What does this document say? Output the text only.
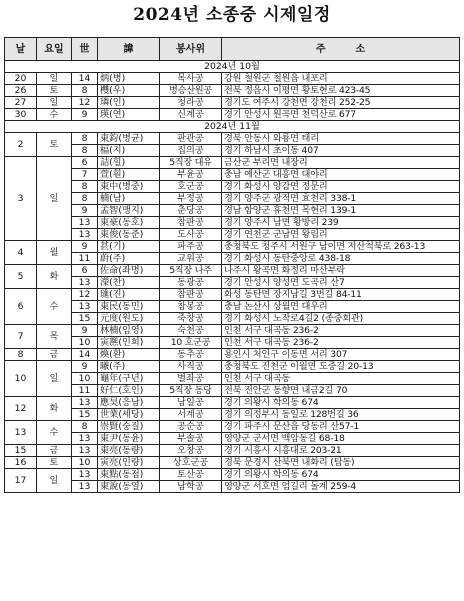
2024년 소종중 시제일정
날	요일	世	諱	봉사위	주　　　소
2024년 10월					
20	일	14	炳(병)	목사공	강원 철원군 철원읍 내포리
26	토	8	欆(우)	병승산원공	전북 정읍시 이평면 황토현로 423-45
27	일	12	璘(인)	청라공	경기도 여주시 강천면 강천리 252-25
30	수	9	瑛(연)	신계공	경기 안성시 원곡면 천덕산로 677
2024년 11월					
2	토	8	東鈞(병균)	판관공	경북 안동시 와룡면 태리
		8	楅(지)	집의공	경기 하남시 초이동 407
3	일	6	詰(힐)	5직장 대유	금산군 부리면 내장리
		7	萱(훤)	부윤공	충남 예산군 대흥면 대야리
		8	東中(병중)	호군공	경기 화성시 양감면 정문리
		8	楠(남)	부정공	경기 양주군 광적면 효천리 338-1
		9	孟智(맹지)	춘당공	경남 함양군 휴천면 목현리 139-1
		13	東豪(동호)	참판공	경기 양주시 남면 황방리 239
		13	東俊(동준)	도사공	경기 연천군 군남면 왕림리
4	월	9	甚(기)	파주공	충청북도 청주시 서원구 남이면 저산척북로 263-13
		11	蔚(주)	교위공	경기 화성시 동탄중앙로 438-18
5	화	6	佐命(좌명)	5직장 나주	나주시 왕곡면 화정리 마산부락
		13	濚(찬)	동광공	경기 안성시 양성면 도곡리 산7
6	수	12	璡(진)	참판공	화성 동탄면 장지남길 3번길 84-11
		13	東民(동민)	참봉공	충남 논산시 상월면 대우리
		15	元度(원도)	죽창공	경기 화성시 노작로4길2 (종중회관)
7	목	9	林楠(임영)	숙천공	인천 서구 대곡동 236-2
		10	寅凞(인희)	10 호군공	인천 서구 대곡동 236-2
8	금	14	煥(환)	동추공	용인시 처인구 이동면 서리 307
10	일	9	曦(주)	사직공	충청북도 진천군 이월면 도중길 20-13
		10	龜年(구년)	별좌공	인천 서구 대곡동
		11	好仁(호인)	5직장 동당	전북 진안군 동향면 내금2길 70
12	화	13	應昊(응남)	남일공	경기 의왕시 학의동 674
		15	世業(세당)	서계공	경기 의정부시 동일로 128번길 36
13	수	8	崇賢(숭질)	공순공	경기 파주시 문산읍 당동리 산57-1
		13	東尹(동윤)	부솔공	영양군 군서면 백암동길 68-18
15	금	13	東亮(동량)	오창공	경기 시흥시 시흥대로 203-21
16	토	10	寅亮(인량)	상호군공	경북 문경시 산북면 내화리 (탑동)
17	일	13	東點(동점)	토산공	경기 의왕시 학의동 674
		13	東說(동열)	남학공	영양군 서호면 엄길리 돌계 259-4
